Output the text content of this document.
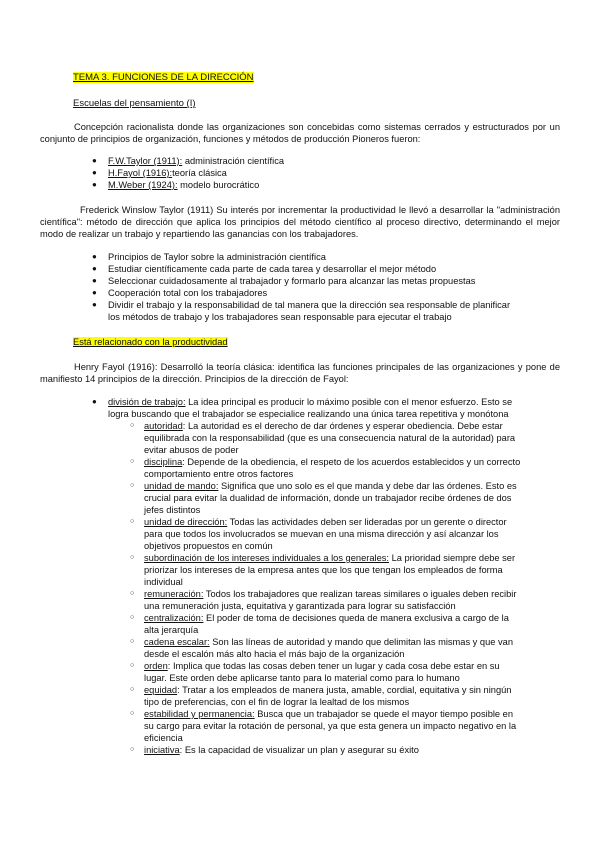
TEMA 3. FUNCIONES DE LA DIRECCIÓN
Escuelas del pensamiento (I)
Concepción racionalista donde las organizaciones son concebidas como sistemas cerrados y estructurados por un conjunto de principios de organización, funciones y métodos de producción Pioneros fueron:
● F.W.Taylor (1911): administración científica
● H.Fayol (1916):teoría clásica
● M.Weber (1924): modelo burocrático
Frederick Winslow Taylor (1911) Su interés por incrementar la productividad le llevó a desarrollar la "administración científica": método de dirección que aplica los principios del método científico al proceso directivo, determinando el mejor modo de realizar un trabajo y repartiendo las ganancias con los trabajadores.
● Principios de Taylor sobre la administración científica
● Estudiar científicamente cada parte de cada tarea y desarrollar el mejor método
● Seleccionar cuidadosamente al trabajador y formarlo para alcanzar las metas propuestas
● Cooperación total con los trabajadores
● Dividir el trabajo y la responsabilidad de tal manera que la dirección sea responsable de planificar los métodos de trabajo y los trabajadores sean responsable para ejecutar el trabajo
Está relacionado con la productividad
Henry Fayol (1916): Desarrolló la teoría clásica: identifica las funciones principales de las organizaciones y pone de manifiesto 14 principios de la dirección. Principios de la dirección de Fayol:
● división de trabajo: La idea principal es producir lo máximo posible con el menor esfuerzo. Esto se logra buscando que el trabajador se especialice realizando una única tarea repetitiva y monótona
○ autoridad: La autoridad es el derecho de dar órdenes y esperar obediencia. Debe estar equilibrada con la responsabilidad (que es una consecuencia natural de la autoridad) para evitar abusos de poder
○ disciplina: Depende de la obediencia, el respeto de los acuerdos establecidos y un correcto comportamiento entre otros factores
○ unidad de mando: Significa que uno solo es el que manda y debe dar las órdenes. Esto es crucial para evitar la dualidad de información, donde un trabajador recibe órdenes de dos jefes distintos
○ unidad de dirección: Todas las actividades deben ser lideradas por un gerente o director para que todos los involucrados se muevan en una misma dirección y así alcanzar los objetivos propuestos en común
○ subordinación de los intereses individuales a los generales: La prioridad siempre debe ser priorizar los intereses de la empresa antes que los que tengan los empleados de forma individual
○ remuneración: Todos los trabajadores que realizan tareas similares o iguales deben recibir una remuneración justa, equitativa y garantizada para lograr su satisfacción
○ centralización: El poder de toma de decisiones queda de manera exclusiva a cargo de la alta jerarquía
○ cadena escalar: Son las líneas de autoridad y mando que delimitan las mismas y que van desde el escalón más alto hacia el más bajo de la organización
○ orden: Implica que todas las cosas deben tener un lugar y cada cosa debe estar en su lugar. Este orden debe aplicarse tanto para lo material como para lo humano
○ equidad: Tratar a los empleados de manera justa, amable, cordial, equitativa y sin ningún tipo de preferencias, con el fin de lograr la lealtad de los mismos
○ estabilidad y permanencia: Busca que un trabajador se quede el mayor tiempo posible en su cargo para evitar la rotación de personal, ya que esta genera un impacto negativo en la eficiencia
○ iniciativa: Es la capacidad de visualizar un plan y asegurar su éxito
